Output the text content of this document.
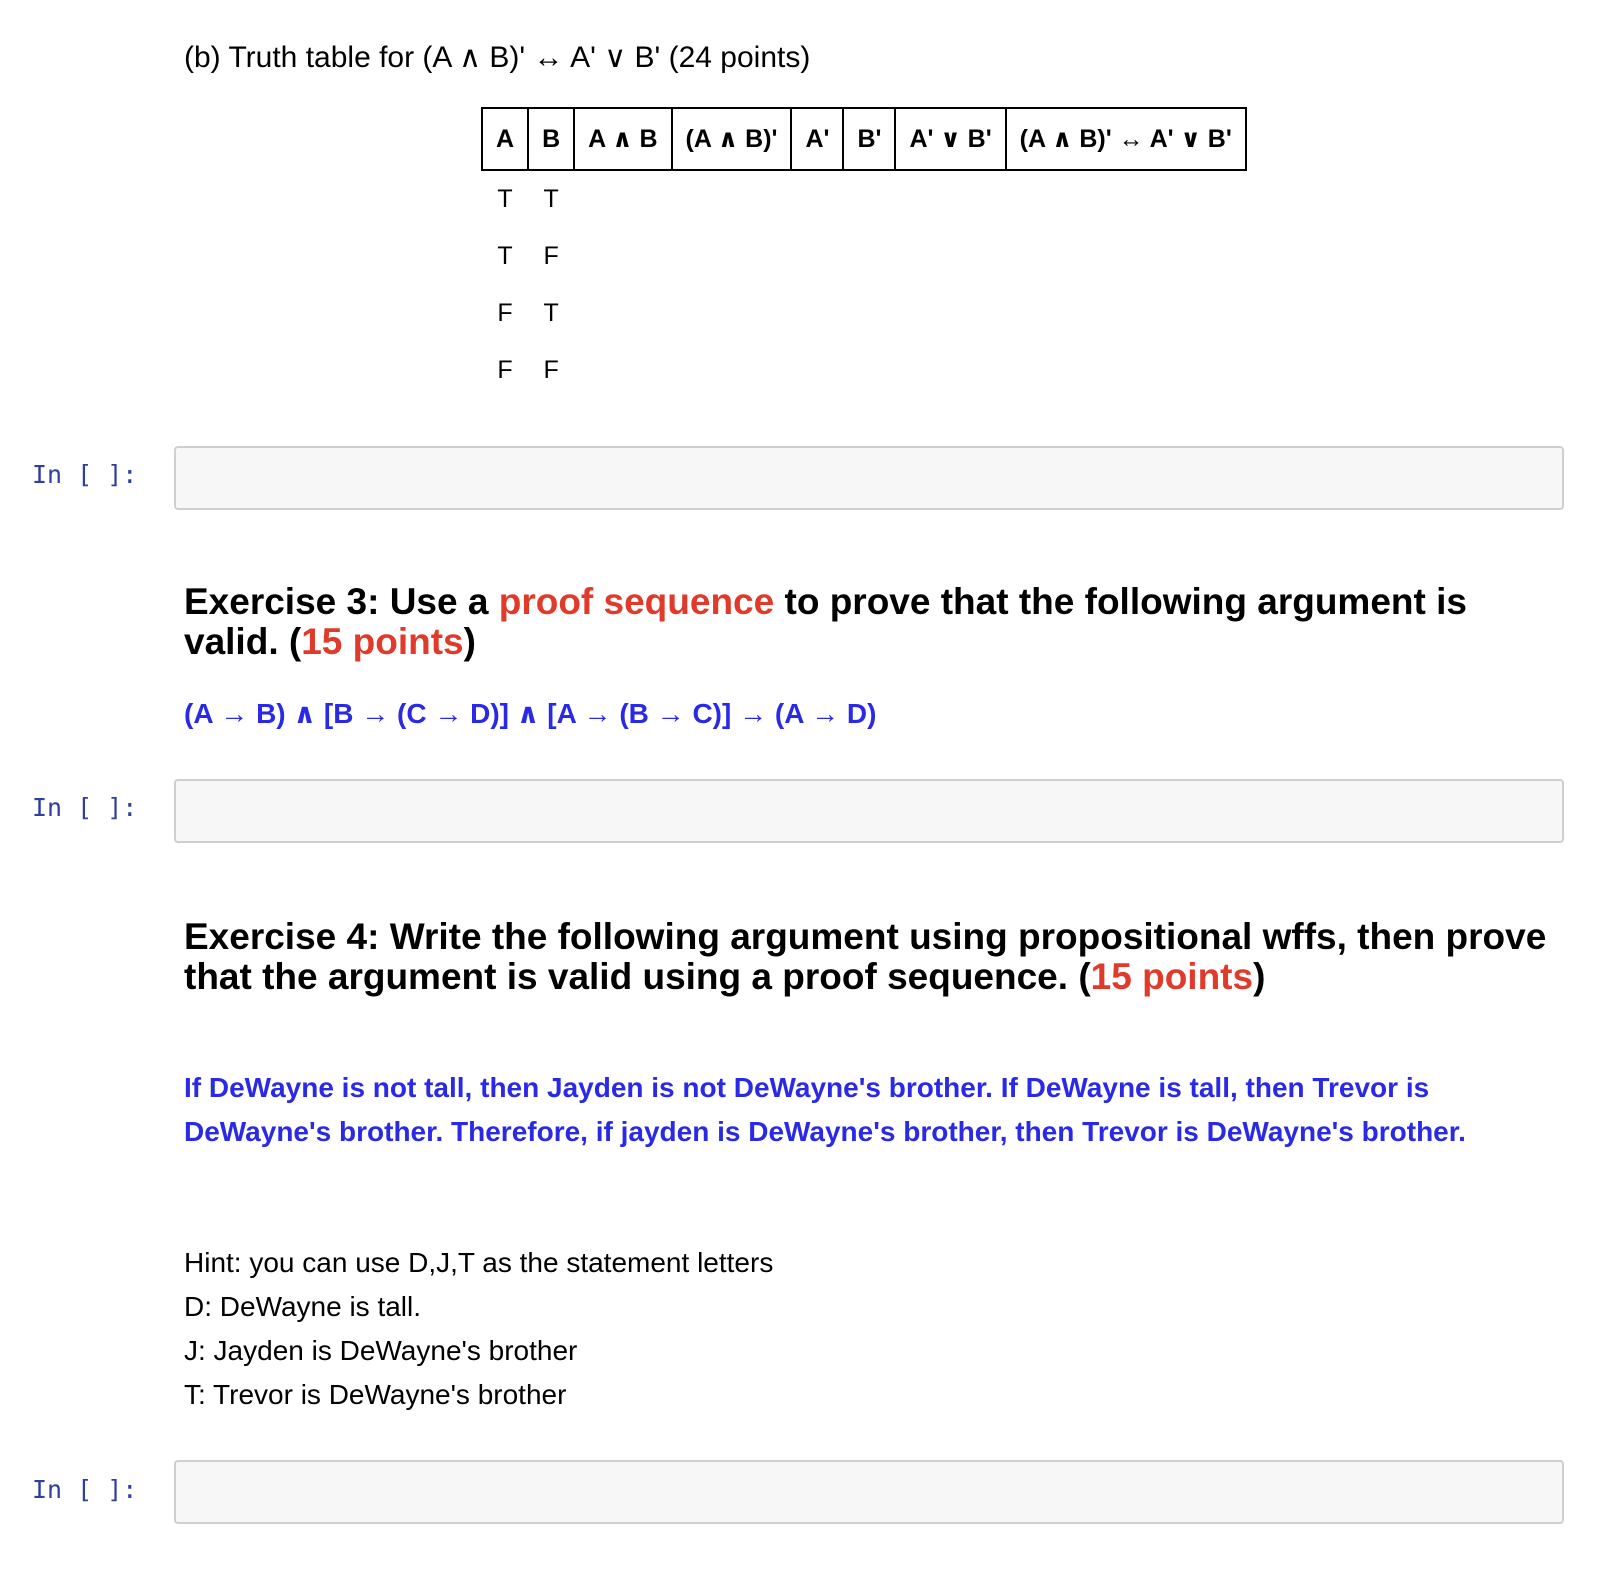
(b) Truth table for (A ∧ B)' ↔ A' ∨ B' (24 points)
A	B	A ∧ B	(A ∧ B)'	A'	B'	A' ∨ B'	(A ∧ B)' ↔ A' ∨ B'
T	T						
T	F						
F	T						
F	F						
In [ ]:
Exercise 3: Use a proof sequence to prove that the following argument is valid. (15 points)
(A → B) ∧ [B → (C → D)] ∧ [A → (B → C)] → (A → D)
In [ ]:
Exercise 4: Write the following argument using propositional wffs, then prove that the argument is valid using a proof sequence. (15 points)
If DeWayne is not tall, then Jayden is not DeWayne's brother. If DeWayne is tall, then Trevor is DeWayne's brother. Therefore, if jayden is DeWayne's brother, then Trevor is DeWayne's brother.
Hint: you can use D,J,T as the statement letters
D: DeWayne is tall.
J: Jayden is DeWayne's brother
T: Trevor is DeWayne's brother
In [ ]:
